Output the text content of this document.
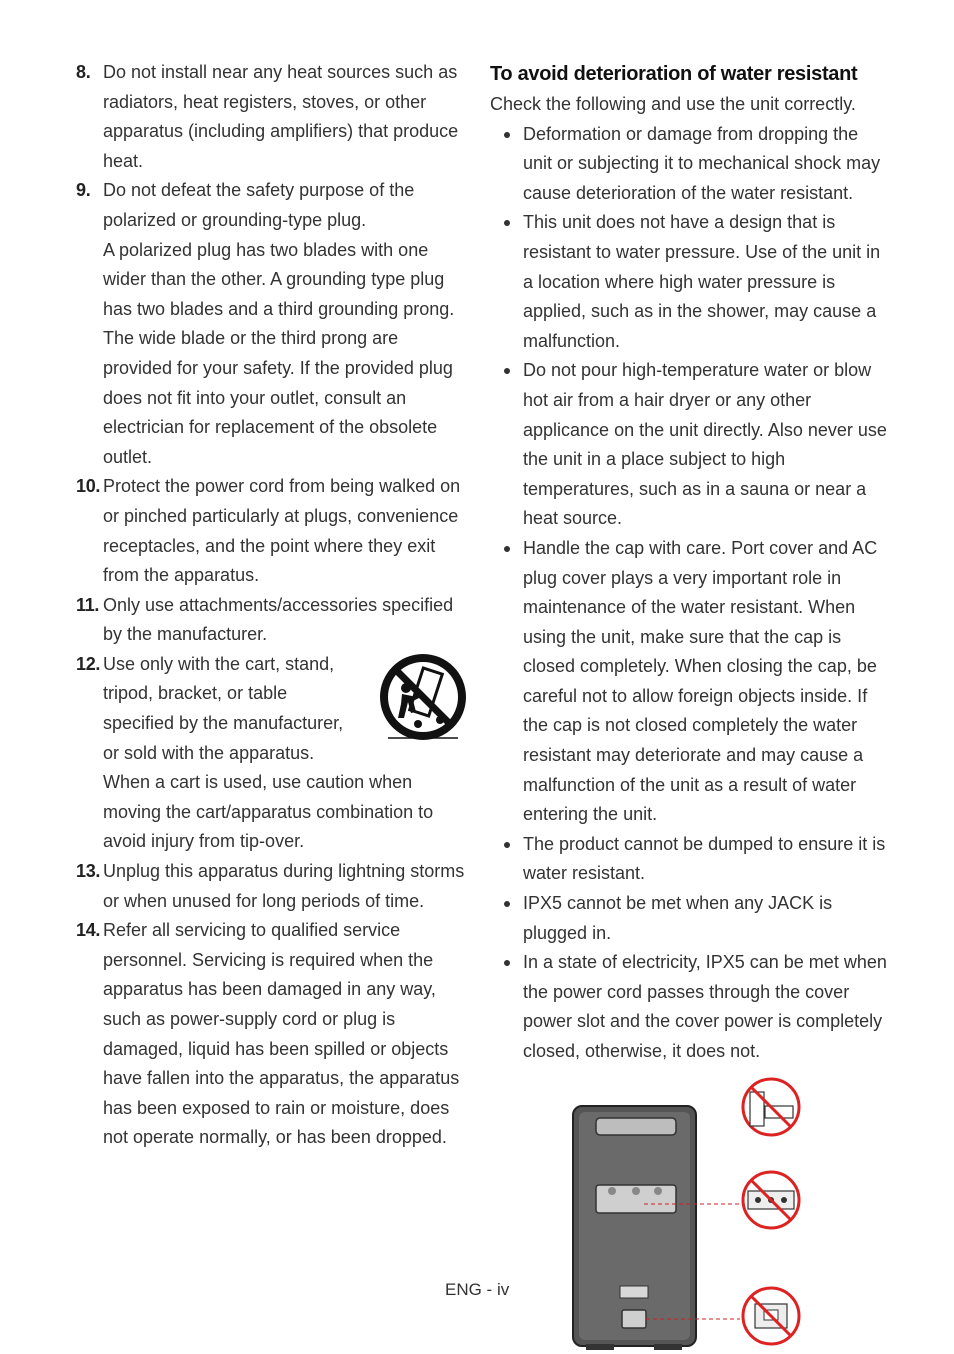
8. Do not install near any heat sources such as radiators, heat registers, stoves, or other apparatus (including amplifiers) that produce heat.

9. Do not defeat the safety purpose of the polarized or grounding-type plug.

A polarized plug has two blades with one wider than the other. A grounding type plug has two blades and a third grounding prong. The wide blade or the third prong are provided for your safety. If the provided plug does not fit into your outlet, consult an electrician for replacement of the obsolete outlet.

10. Protect the power cord from being walked on or pinched particularly at plugs, convenience receptacles, and the point where they exit from the apparatus.

11. Only use attachments/accessories specified by the manufacturer.

12. Use only with the cart, stand,

tripod, bracket, or table

specified by the manufacturer,

or sold with the apparatus.

When a cart is used, use caution when moving the cart/apparatus combination to avoid injury from tip-over.

13. Unplug this apparatus during lightning storms or when unused for long periods of time.

14. Refer all servicing to qualified service personnel. Servicing is required when the apparatus has been damaged in any way, such as power-supply cord or plug is damaged, liquid has been spilled or objects have fallen into the apparatus, the apparatus has been exposed to rain or moisture, does not operate normally, or has been dropped.

To avoid deterioration of water resistant

Check the following and use the unit correctly.

Deformation or damage from dropping the unit or subjecting it to mechanical shock may cause deterioration of the water resistant.
This unit does not have a design that is resistant to water pressure. Use of the unit in a location where high water pressure is applied, such as in the shower, may cause a malfunction.
Do not pour high-temperature water or blow hot air from a hair dryer or any other applicance on the unit directly. Also never use the unit in a place subject to high temperatures, such as in a sauna or near a heat source.
Handle the cap with care. Port cover and AC plug cover plays a very important role in maintenance of the water resistant. When using the unit, make sure that the cap is closed completely. When closing the cap, be careful not to allow foreign objects inside. If the cap is not closed completely the water resistant may deteriorate and may cause a malfunction of the unit as a result of water entering the unit.
The product cannot be dumped to ensure it is water resistant.
IPX5 cannot be met when any JACK is plugged in.
In a state of electricity, IPX5 can be met when the power cord passes through the cover power slot and the cover power is completely closed, otherwise, it does not.
ENG - iv
